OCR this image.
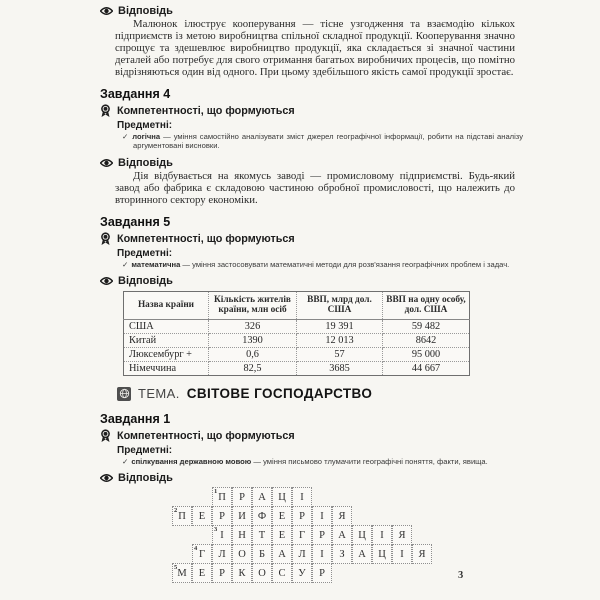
Відповідь

Малюнок ілюструє кооперування — тісне узгодження та взаємодію кількох підприємств із метою виробництва спільної складної продукції. Кооперування значно спрощує та здешевлює виробництво продукції, яка складається зі значної частини деталей або потребує для свого отримання багатьох виробничих процесів, що помітно відрізняються один від одного. При цьому здебільшого якість самої продукції зростає.

Завдання 4
Компетентності, що формуються
Предметні:
✓ логічна — уміння самостійно аналізувати зміст джерел географічної інформації, робити на підставі аналізу аргументовані висновки.
Відповідь

Дія відбувається на якомусь заводі — промисловому підприємстві. Будь-який завод або фабрика є складовою частиною обробної промисловості, що належить до вторинного сектору економіки.

Завдання 5
Компетентності, що формуються
Предметні:
✓ математична — уміння застосовувати математичні методи для розв'язання географічних проблем і задач.
Відповідь
Назва країни	Кількість жителів країни, млн осіб	ВВП, млрд дол. США	ВВП на одну особу, дол. США
США	326	19 391	59 482
Китай	1390	12 013	8642
Люксембург +	0,6	57	95 000
Німеччина	82,5	3685	44 667
ТЕМА. СВІТОВЕ ГОСПОДАРСТВО
Завдання 1
Компетентності, що формуються
Предметні:
✓ спілкування державною мовою — уміння письмово тлумачити географічні поняття, факти, явища.
Відповідь
1 П Р А Ц І
2 П Е Р И Ф Е Р І Я
3 І Н Т Е Г Р А Ц І Я
4 Г Л О Б А Л І З А Ц І Я
5 М Е Р К О С У Р	3
